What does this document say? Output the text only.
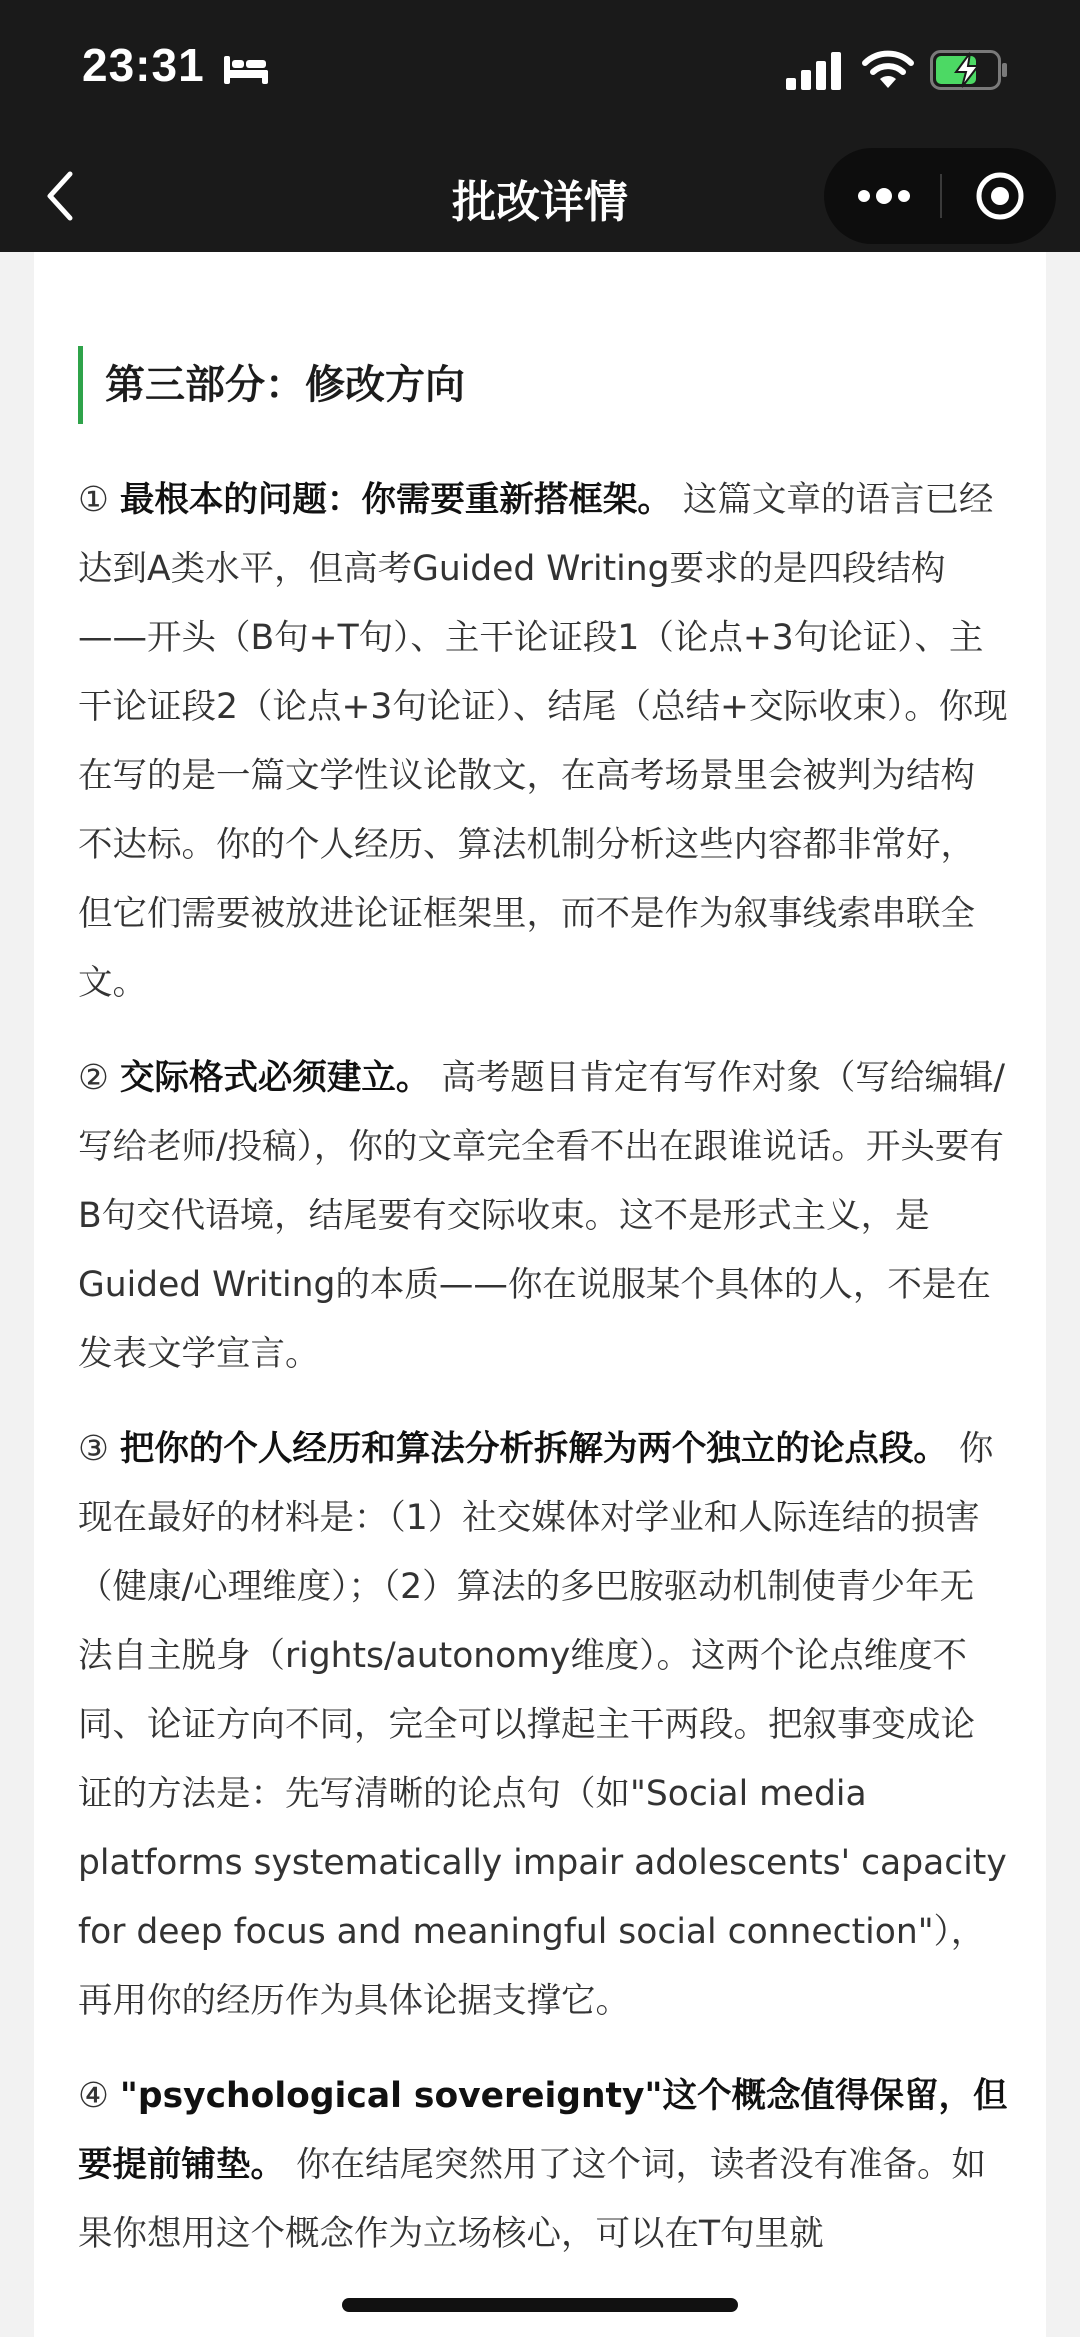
23:31
批改详情
第三部分：修改方向

① 最根本的问题：你需要重新搭框架。 这篇文章的语言已经达到A类水平，但高考Guided Writing要求的是四段结构——开头（B句+T句）、主干论证段1（论点+3句论证）、主干论证段2（论点+3句论证）、结尾（总结+交际收束）。你现在写的是一篇文学性议论散文，在高考场景里会被判为结构不达标。你的个人经历、算法机制分析这些内容都非常好，但它们需要被放进论证框架里，而不是作为叙事线索串联全文。

② 交际格式必须建立。 高考题目肯定有写作对象（写给编辑/写给老师/投稿），你的文章完全看不出在跟谁说话。开头要有B句交代语境，结尾要有交际收束。这不是形式主义，是Guided Writing的本质——你在说服某个具体的人，不是在发表文学宣言。

③ 把你的个人经历和算法分析拆解为两个独立的论点段。 你现在最好的材料是：（1）社交媒体对学业和人际连结的损害（健康/心理维度）；（2）算法的多巴胺驱动机制使青少年无法自主脱身（rights/autonomy维度）。这两个论点维度不同、论证方向不同，完全可以撑起主干两段。把叙事变成论证的方法是：先写清晰的论点句（如"Social media platforms systematically impair adolescents' capacity for deep focus and meaningful social connection"），再用你的经历作为具体论据支撑它。

④ "psychological sovereignty"这个概念值得保留，但要提前铺垫。 你在结尾突然用了这个词，读者没有准备。如果你想用这个概念作为立场核心，可以在T句里就
